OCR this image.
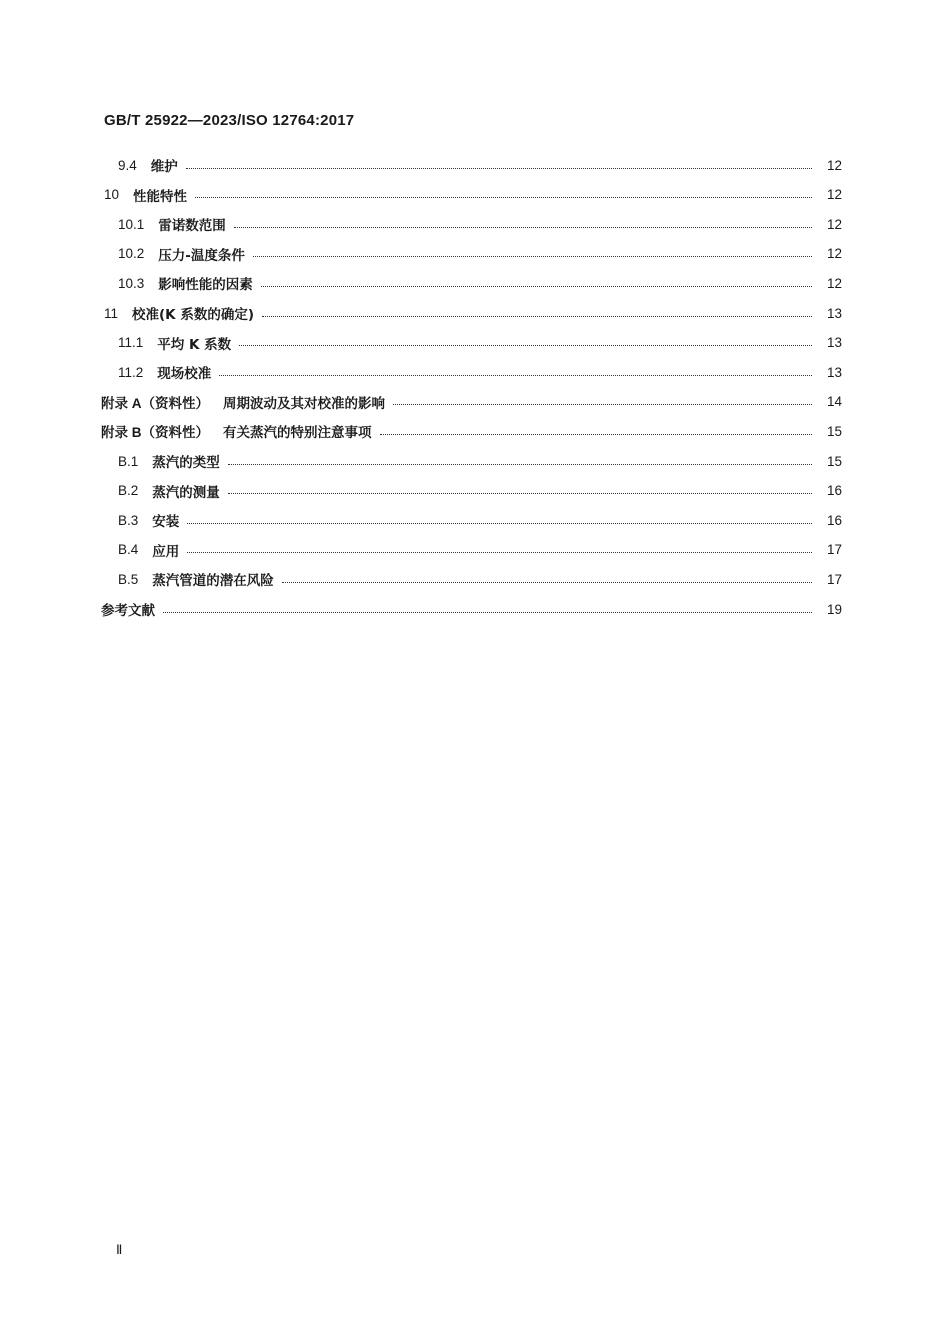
GB/T 25922—2023/ISO 12764:2017
9.4 维护	12
10 性能特性	12
10.1 雷诺数范围	12
10.2 压力-温度条件	12
10.3 影响性能的因素	12
11 校准(K 系数的确定)	13
11.1 平均 K 系数	13
11.2 现场校准	13
附录 A（资料性） 周期波动及其对校准的影响	14
附录 B（资料性） 有关蒸汽的特别注意事项	15
B.1 蒸汽的类型	15
B.2 蒸汽的测量	16
B.3 安装	16
B.4 应用	17
B.5 蒸汽管道的潜在风险	17
参考文献	19
Ⅱ
